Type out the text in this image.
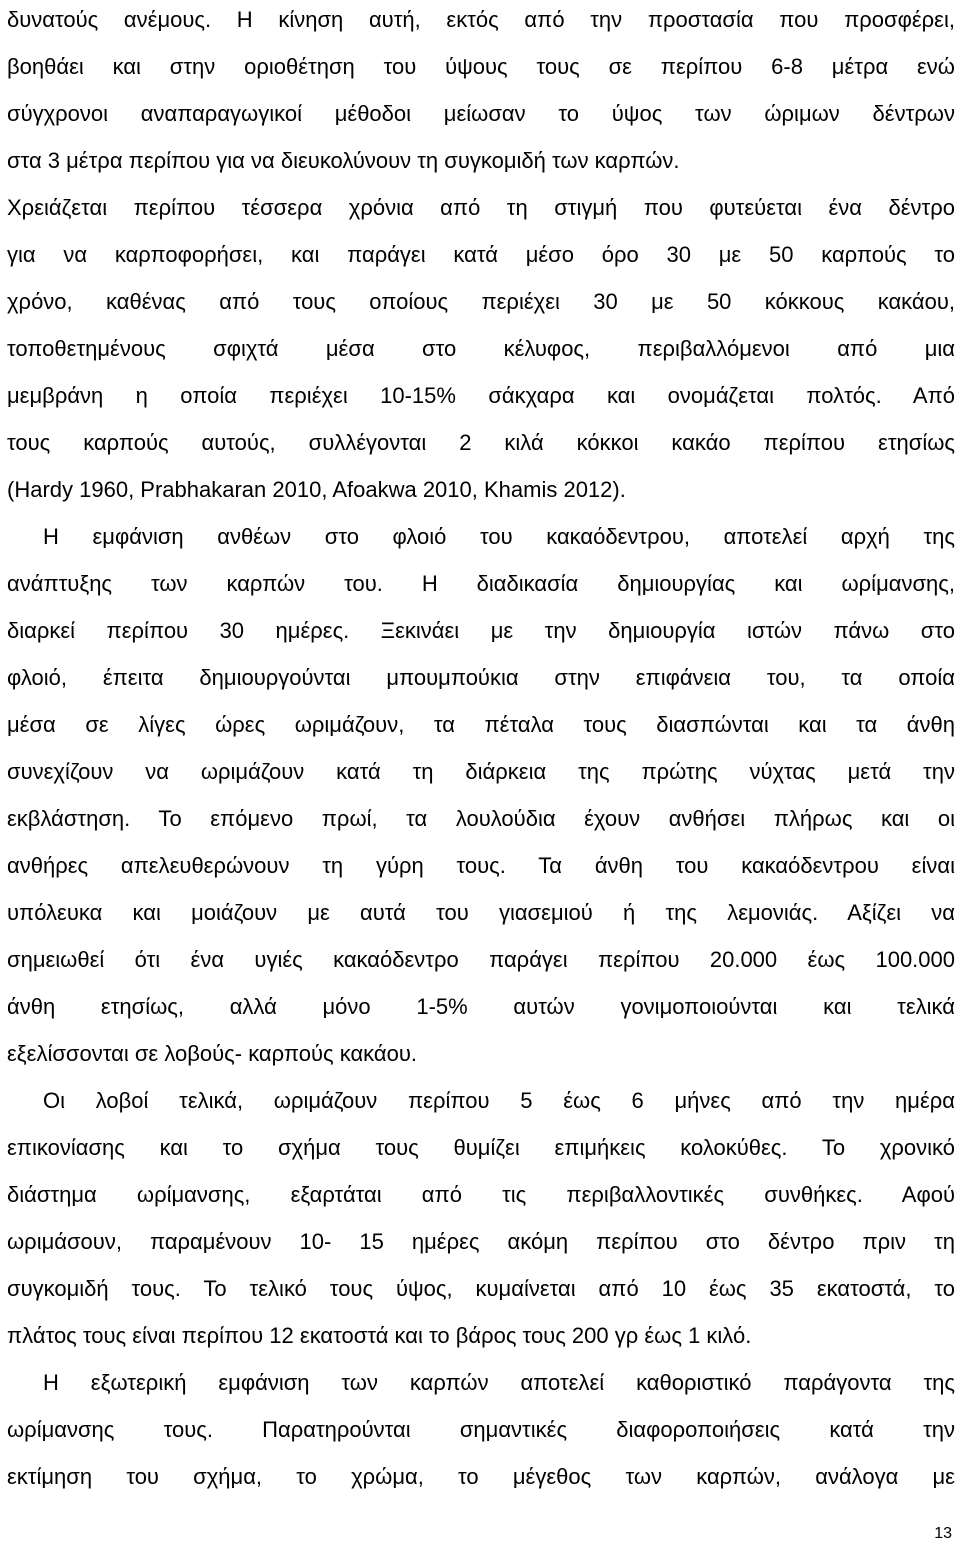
δυνατούς ανέμους. Η κίνηση αυτή, εκτός από την προστασία που προσφέρει,
βοηθάει και στην οριοθέτηση του ύψους τους σε περίπου 6-8 μέτρα ενώ
σύγχρονοι αναπαραγωγικοί μέθοδοι μείωσαν το ύψος των ώριμων δέντρων
στα 3 μέτρα περίπου για να διευκολύνουν τη συγκομιδή των καρπών.
Χρειάζεται περίπου τέσσερα χρόνια από τη στιγμή που φυτεύεται ένα δέντρο
για να καρποφορήσει, και παράγει κατά μέσο όρο 30 με 50 καρπούς το
χρόνο, καθένας από τους οποίους περιέχει 30 με 50 κόκκους κακάου,
τοποθετημένους σφιχτά μέσα στο κέλυφος, περιβαλλόμενοι από μια
μεμβράνη η οποία περιέχει 10-15% σάκχαρα και ονομάζεται πολτός. Από
τους καρπούς αυτούς, συλλέγονται 2 κιλά κόκκοι κακάο περίπου ετησίως
(Hardy 1960, Prabhakaran 2010, Afoakwa 2010, Khamis 2012).
Η εμφάνιση ανθέων στο φλοιό του κακαόδεντρου, αποτελεί αρχή της
ανάπτυξης των καρπών του. Η διαδικασία δημιουργίας και ωρίμανσης,
διαρκεί περίπου 30 ημέρες. Ξεκινάει με την δημιουργία ιστών πάνω στο
φλοιό, έπειτα δημιουργούνται μπουμπούκια στην επιφάνεια του, τα οποία
μέσα σε λίγες ώρες ωριμάζουν, τα πέταλα τους διασπώνται και τα άνθη
συνεχίζουν να ωριμάζουν κατά τη διάρκεια της πρώτης νύχτας μετά την
εκβλάστηση. Το επόμενο πρωί, τα λουλούδια έχουν ανθήσει πλήρως και οι
ανθήρες απελευθερώνουν τη γύρη τους. Τα άνθη του κακαόδεντρου είναι
υπόλευκα και μοιάζουν με αυτά του γιασεμιού ή της λεμονιάς. Αξίζει να
σημειωθεί ότι ένα υγιές κακαόδεντρο παράγει περίπου 20.000 έως 100.000
άνθη ετησίως, αλλά μόνο 1-5% αυτών γονιμοποιούνται και τελικά
εξελίσσονται σε λοβούς- καρπούς κακάου.
Οι λοβοί τελικά, ωριμάζουν περίπου 5 έως 6 μήνες από την ημέρα
επικονίασης και το σχήμα τους θυμίζει επιμήκεις κολοκύθες. Το χρονικό
διάστημα ωρίμανσης, εξαρτάται από τις περιβαλλοντικές συνθήκες. Αφού
ωριμάσουν, παραμένουν 10- 15 ημέρες ακόμη περίπου στο δέντρο πριν τη
συγκομιδή τους. Το τελικό τους ύψος, κυμαίνεται από 10 έως 35 εκατοστά, το
πλάτος τους είναι περίπου 12 εκατοστά και το βάρος τους 200 γρ έως 1 κιλό.
Η εξωτερική εμφάνιση των καρπών αποτελεί καθοριστικό παράγοντα της
ωρίμανσης τους. Παρατηρούνται σημαντικές διαφοροποιήσεις κατά την
εκτίμηση του σχήμα, το χρώμα, το μέγεθος των καρπών, ανάλογα με
13
